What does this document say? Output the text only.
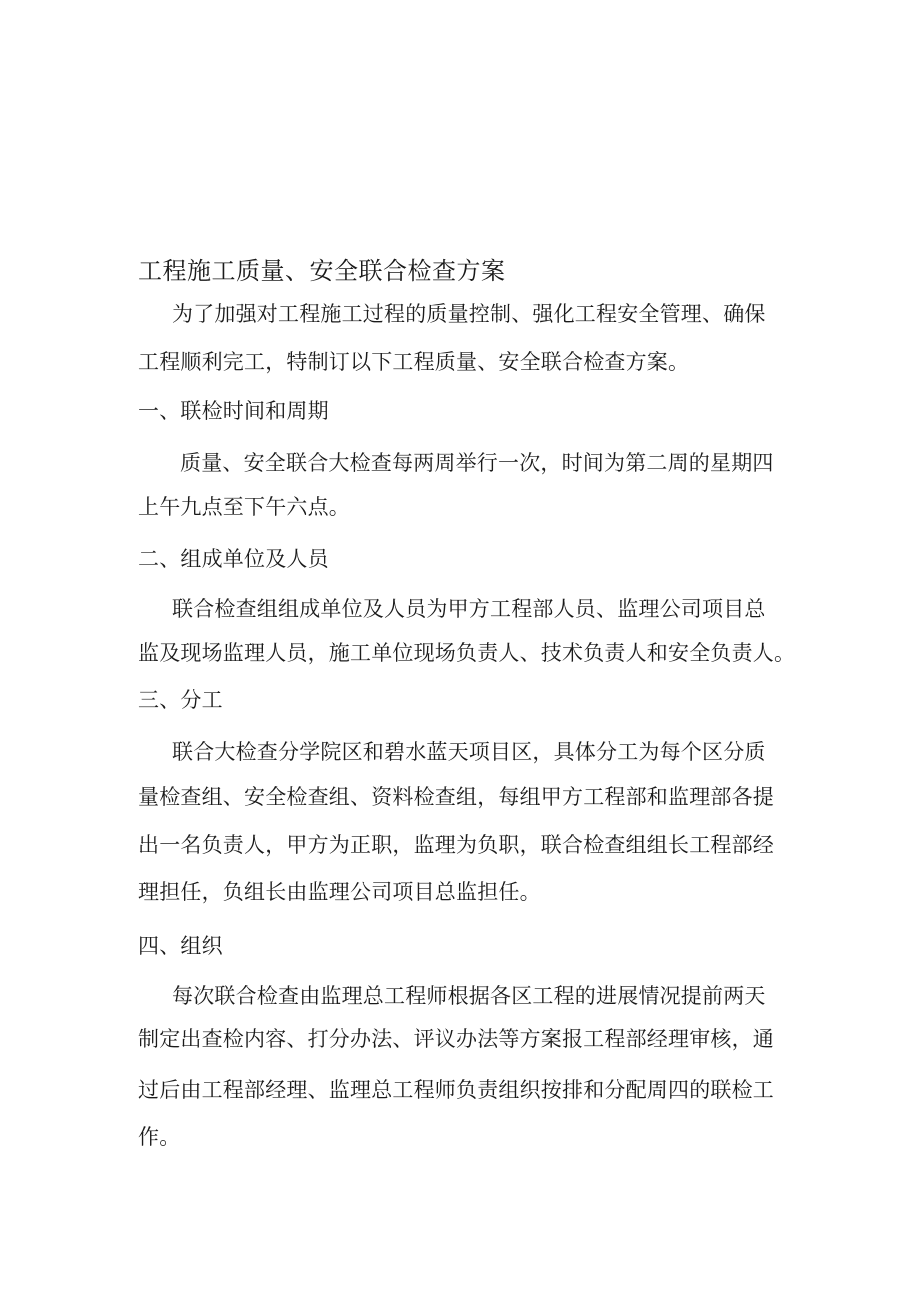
工程施工质量、安全联合检查方案
为了加强对工程施工过程的质量控制、强化工程安全管理、确保
工程顺利完工，特制订以下工程质量、安全联合检查方案。
一、联检时间和周期
质量、安全联合大检查每两周举行一次，时间为第二周的星期四
上午九点至下午六点。
二、组成单位及人员
联合检查组组成单位及人员为甲方工程部人员、监理公司项目总
监及现场监理人员，施工单位现场负责人、技术负责人和安全负责人。
三、分工
联合大检查分学院区和碧水蓝天项目区，具体分工为每个区分质
量检查组、安全检查组、资料检查组，每组甲方工程部和监理部各提
出一名负责人，甲方为正职，监理为负职，联合检查组组长工程部经
理担任，负组长由监理公司项目总监担任。
四、组织
每次联合检查由监理总工程师根据各区工程的进展情况提前两天
制定出查检内容、打分办法、评议办法等方案报工程部经理审核，通
过后由工程部经理、监理总工程师负责组织按排和分配周四的联检工
作。
